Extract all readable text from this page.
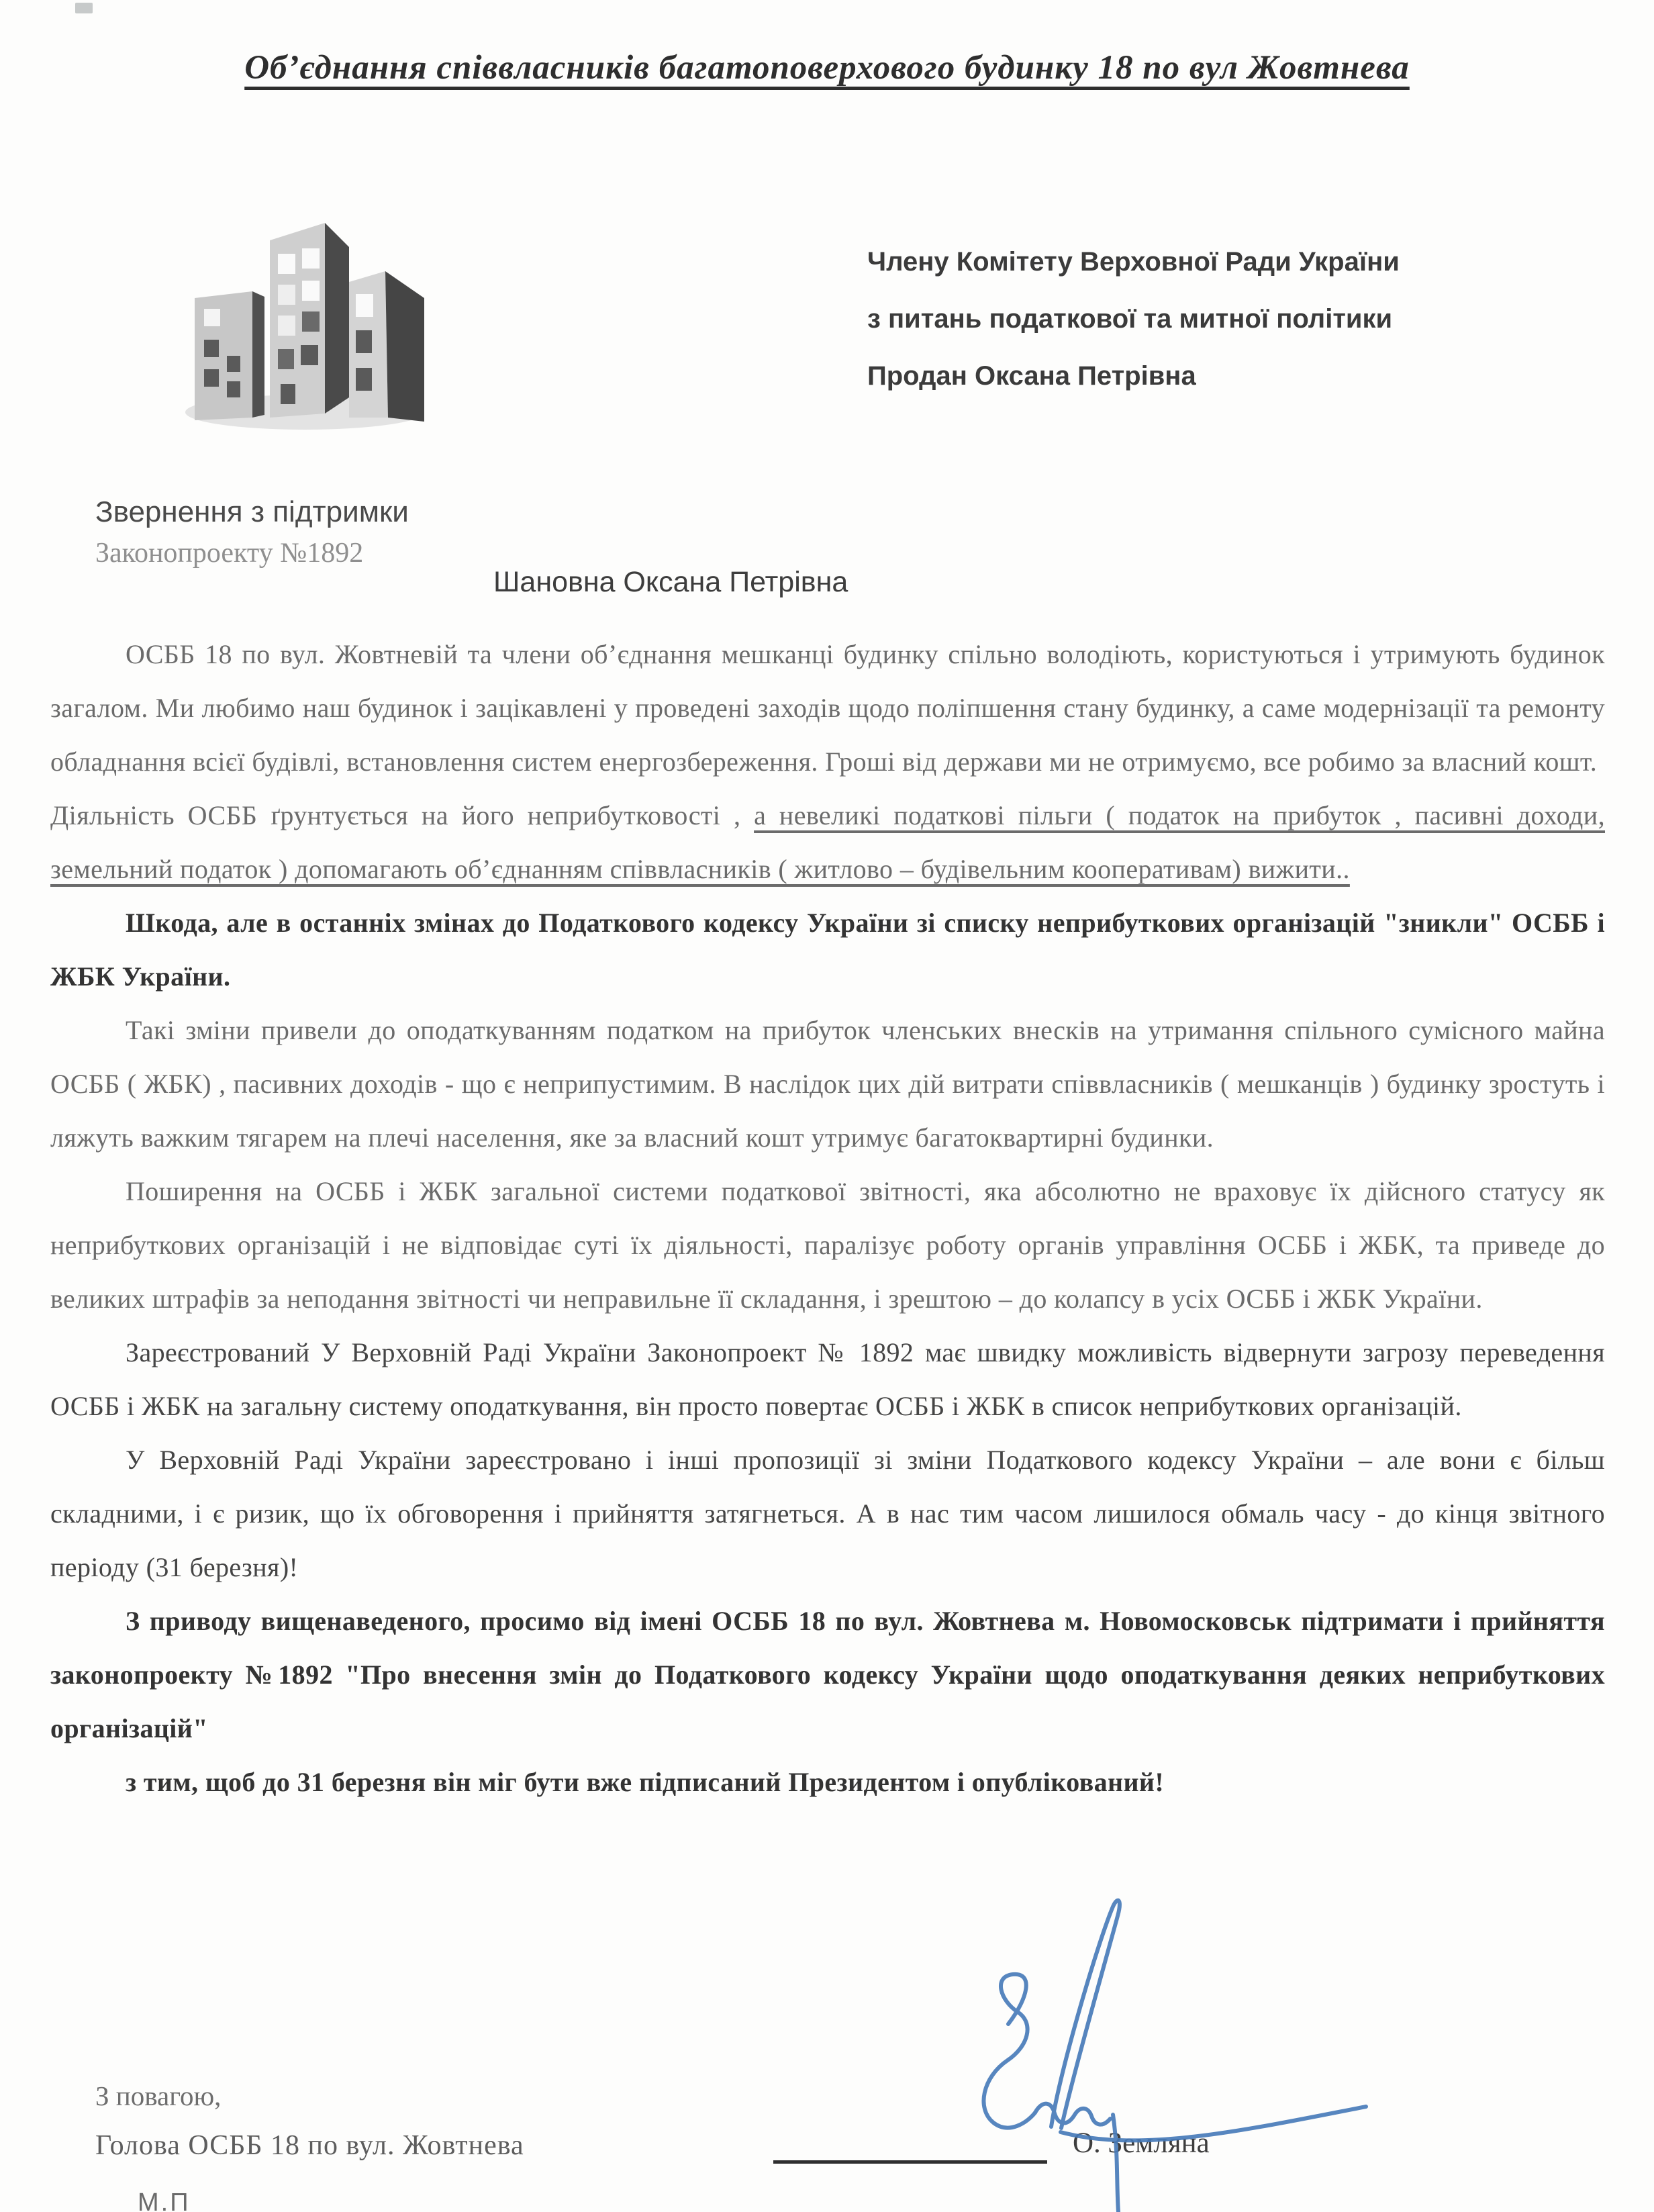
Об’єднання співвласників багатоповерхового будинку 18 по вул Жовтнева
Члену Комітету Верховної Ради України
з питань податкової та митної політики
Продан Оксана Петрівна
Звернення з підтримки
Законопроекту №1892
Шановна Оксана Петрівна

ОСББ 18 по вул. Жовтневій та члени об’єднання мешканці будинку спільно володіють, користуються і утримують будинок загалом. Ми любимо наш будинок і зацікавлені у проведені заходів щодо поліпшення стану будинку, а саме модернізації та ремонту обладнання всієї будівлі, встановлення систем енергозбереження. Гроші від держави ми не отримуємо, все робимо за власний кошт.

Діяльність ОСББ ґрунтується на його неприбутковості , а невеликі податкові пільги ( податок на прибуток , пасивні доходи, земельний податок ) допомагають об’єднанням співвласників ( житлово – будівельним кооперативам) вижити..

Шкода, але в останніх змінах до Податкового кодексу України зі списку неприбуткових організацій "зникли" ОСББ і ЖБК України.

Такі зміни привели до оподаткуванням податком на прибуток членських внесків на утримання спільного сумісного майна ОСББ ( ЖБК) , пасивних доходів - що є неприпустимим. В наслідок цих дій витрати співвласників ( мешканців ) будинку зростуть і ляжуть важким тягарем на плечі населення, яке за власний кошт утримує багатоквартирні будинки.

Поширення на ОСББ і ЖБК загальної системи податкової звітності, яка абсолютно не враховує їх дійсного статусу як неприбуткових організацій і не відповідає суті їх діяльності, паралізує роботу органів управління ОСББ і ЖБК, та приведе до великих штрафів за неподання звітності чи неправильне її складання, і зрештою – до колапсу в усіх ОСББ і ЖБК України.

Зареєстрований У Верховній Раді України Законопроект № 1892 має швидку можливість відвернути загрозу переведення ОСББ і ЖБК на загальну систему оподаткування, він просто повертає ОСББ і ЖБК в список неприбуткових організацій.

У Верховній Раді України зареєстровано і інші пропозиції зі зміни Податкового кодексу України – але вони є більш складними, і є ризик, що їх обговорення і прийняття затягнеться. А в нас тим часом лишилося обмаль часу - до кінця звітного періоду (31 березня)!

З приводу вищенаведеного, просимо від імені ОСББ 18 по вул. Жовтнева м. Новомосковськ підтримати і прийняття законопроекту №1892 "Про внесення змін до Податкового кодексу України щодо оподаткування деяких неприбуткових організацій"

з тим, щоб до 31 березня він міг бути вже підписаний Президентом і опублікований!

З повагою,
Голова ОСББ 18 по вул. Жовтнева	О. Земляна
М.П
